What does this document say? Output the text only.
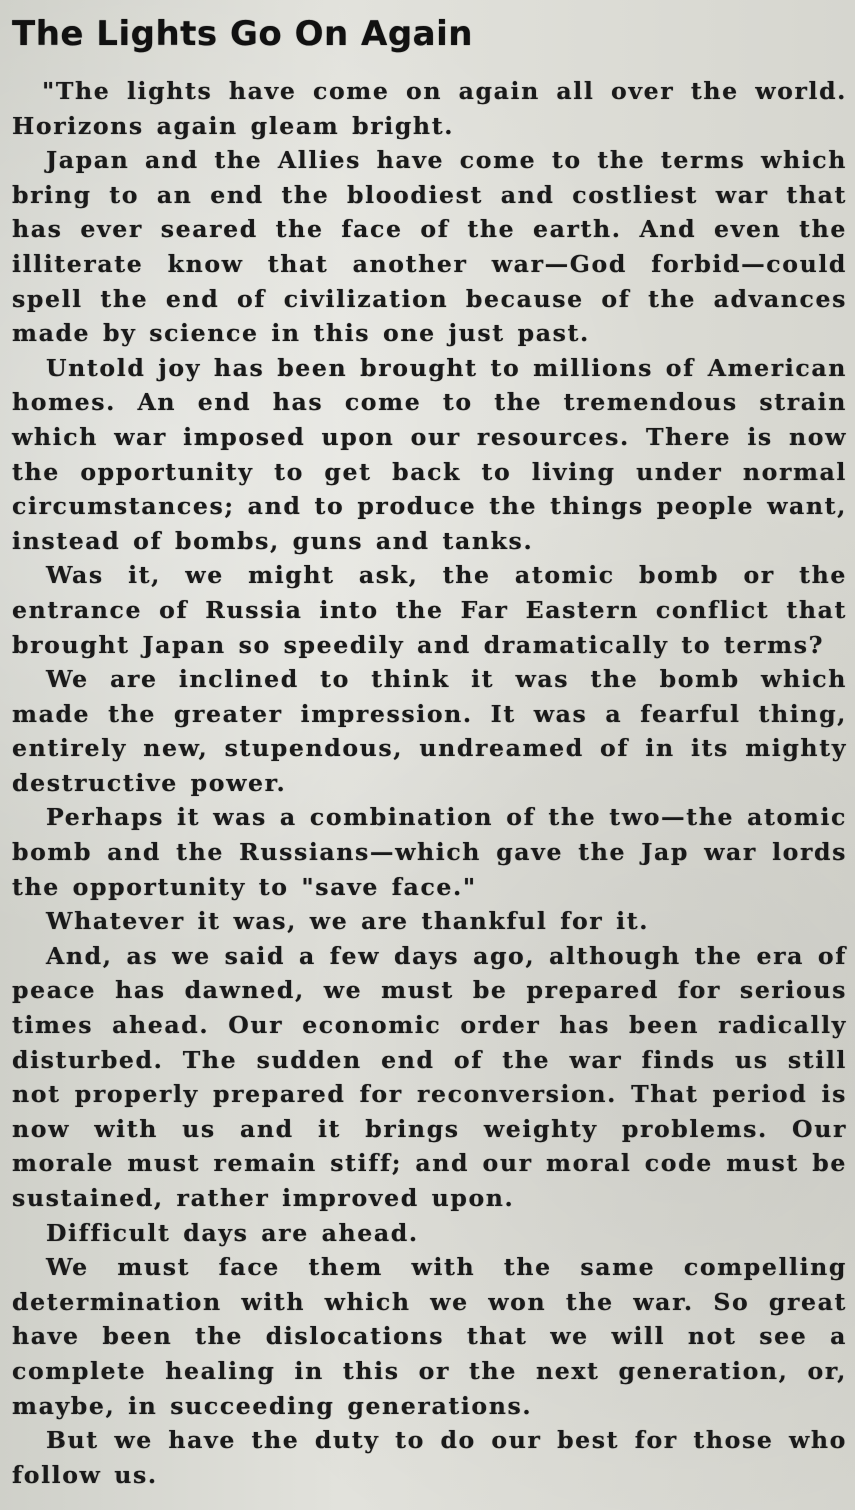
The Lights Go On Again

"The lights have come on again all over the world. Horizons again gleam bright.

Japan and the Allies have come to the terms which bring to an end the bloodiest and costliest war that has ever seared the face of the earth. And even the illiterate know that another war—God forbid—could spell the end of civilization because of the advances made by science in this one just past.

Untold joy has been brought to millions of American homes. An end has come to the tremendous strain which war imposed upon our resources. There is now the opportunity to get back to living under normal circumstances; and to produce the things people want, instead of bombs, guns and tanks.

Was it, we might ask, the atomic bomb or the entrance of Russia into the Far Eastern conflict that brought Japan so speedily and dramatically to terms?

We are inclined to think it was the bomb which made the greater impression. It was a fearful thing, entirely new, stupendous, undreamed of in its mighty destructive power.

Perhaps it was a combination of the two—the atomic bomb and the Russians—which gave the Jap war lords the opportunity to "save face."

Whatever it was, we are thankful for it.

And, as we said a few days ago, although the era of peace has dawned, we must be prepared for serious times ahead. Our economic order has been radically disturbed. The sudden end of the war finds us still not properly prepared for reconversion. That period is now with us and it brings weighty problems. Our morale must remain stiff; and our moral code must be sustained, rather improved upon.

Difficult days are ahead.

We must face them with the same compelling determination with which we won the war. So great have been the dislocations that we will not see a complete healing in this or the next generation, or, maybe, in succeeding generations.

But we have the duty to do our best for those who follow us.
